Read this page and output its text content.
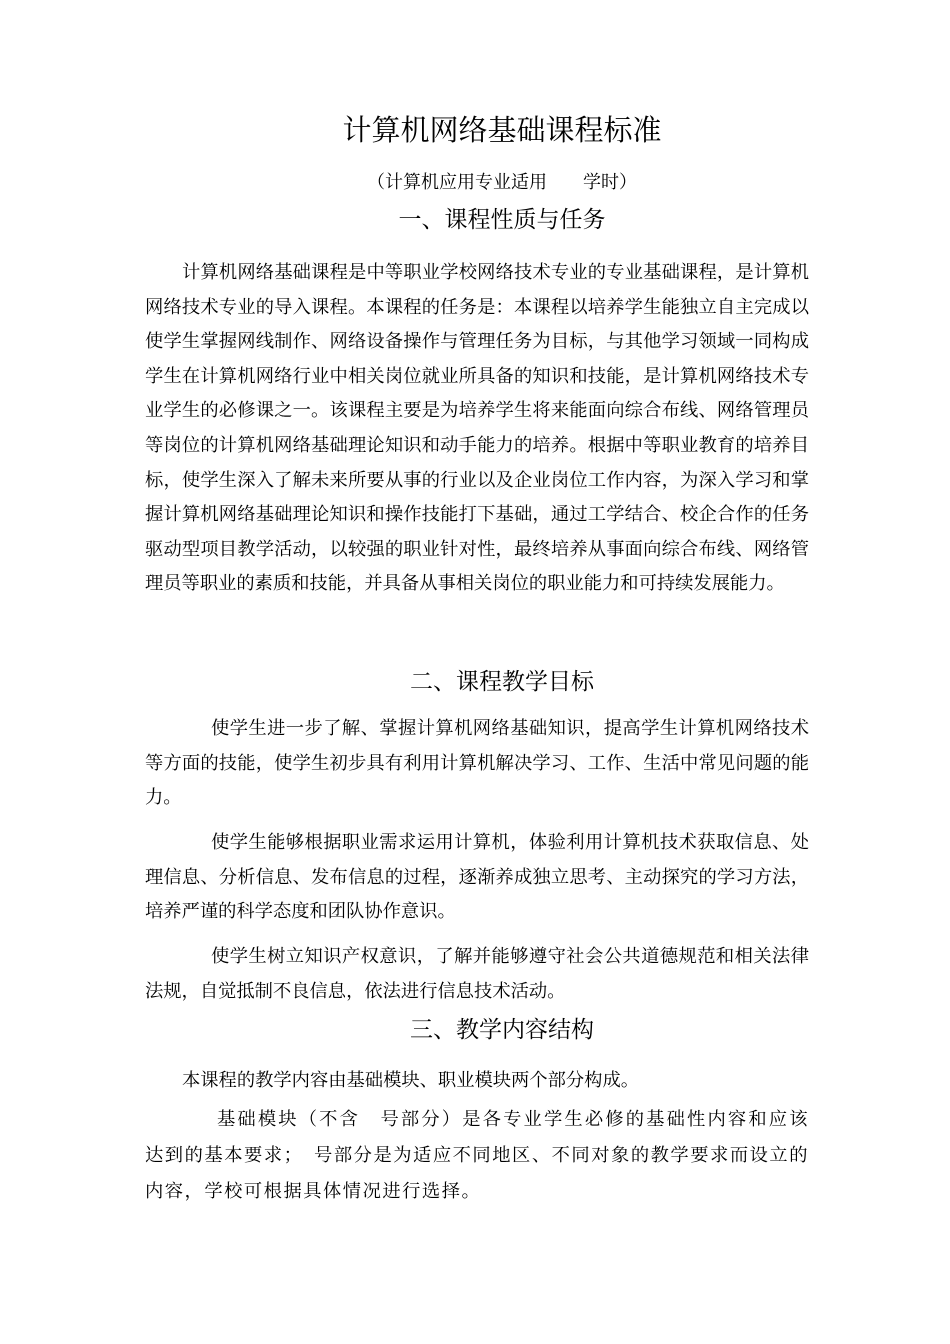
计算机网络基础课程标准
（计算机应用专业适用　　学时）
一、课程性质与任务

计算机网络基础课程是中等职业学校网络技术专业的专业基础课程，是计算机网络技术专业的导入课程。本课程的任务是：本课程以培养学生能独立自主完成以使学生掌握网线制作、网络设备操作与管理任务为目标，与其他学习领域一同构成学生在计算机网络行业中相关岗位就业所具备的知识和技能，是计算机网络技术专业学生的必修课之一。该课程主要是为培养学生将来能面向综合布线、网络管理员等岗位的计算机网络基础理论知识和动手能力的培养。根据中等职业教育的培养目标，使学生深入了解未来所要从事的行业以及企业岗位工作内容，为深入学习和掌握计算机网络基础理论知识和操作技能打下基础，通过工学结合、校企合作的任务驱动型项目教学活动，以较强的职业针对性，最终培养从事面向综合布线、网络管理员等职业的素质和技能，并具备从事相关岗位的职业能力和可持续发展能力。

二、课程教学目标

使学生进一步了解、掌握计算机网络基础知识，提高学生计算机网络技术等方面的技能，使学生初步具有利用计算机解决学习、工作、生活中常见问题的能力。

使学生能够根据职业需求运用计算机，体验利用计算机技术获取信息、处理信息、分析信息、发布信息的过程，逐渐养成独立思考、主动探究的学习方法，培养严谨的科学态度和团队协作意识。

使学生树立知识产权意识，了解并能够遵守社会公共道德规范和相关法律法规，自觉抵制不良信息，依法进行信息技术活动。

三、教学内容结构

本课程的教学内容由基础模块、职业模块两个部分构成。

基础模块（不含　号部分）是各专业学生必修的基础性内容和应该达到的基本要求；　号部分是为适应不同地区、不同对象的教学要求而设立的内容，学校可根据具体情况进行选择。
